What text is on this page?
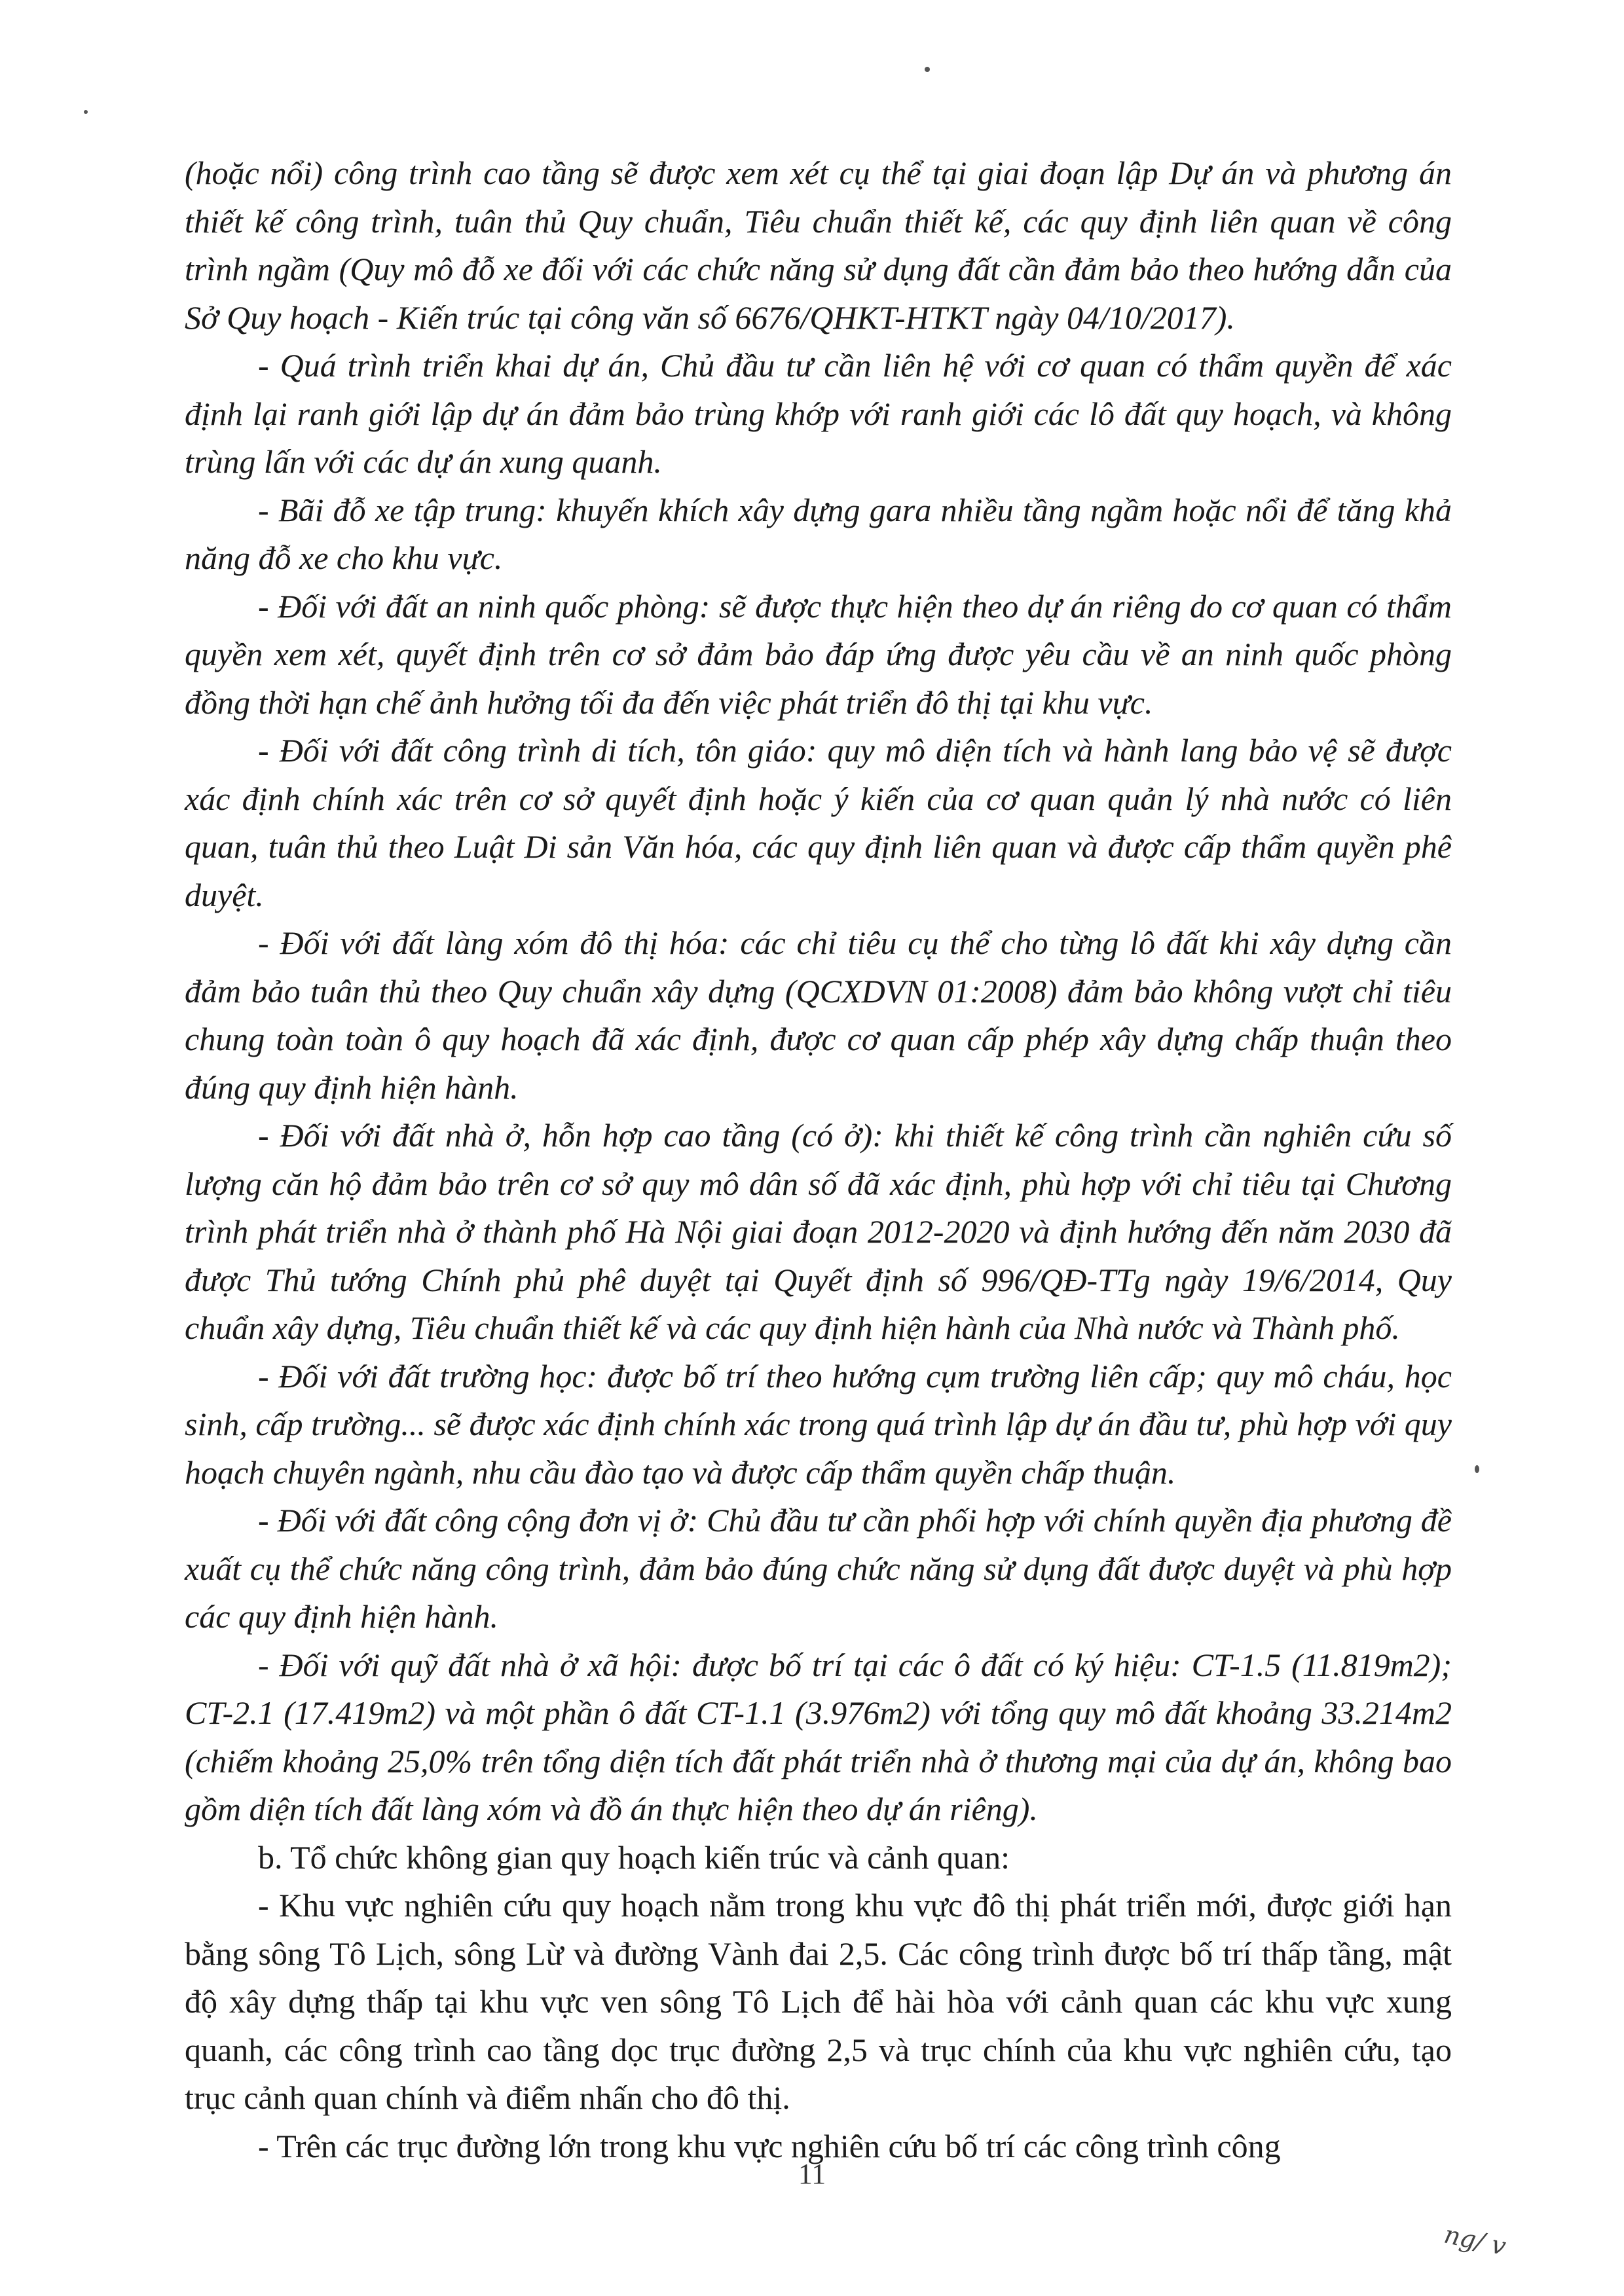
(hoặc nổi) công trình cao tầng sẽ được xem xét cụ thể tại giai đoạn lập Dự án và phương án thiết kế công trình, tuân thủ Quy chuẩn, Tiêu chuẩn thiết kế, các quy định liên quan về công trình ngầm (Quy mô đỗ xe đối với các chức năng sử dụng đất cần đảm bảo theo hướng dẫn của Sở Quy hoạch - Kiến trúc tại công văn số 6676/QHKT-HTKT ngày 04/10/2017).

- Quá trình triển khai dự án, Chủ đầu tư cần liên hệ với cơ quan có thẩm quyền để xác định lại ranh giới lập dự án đảm bảo trùng khớp với ranh giới các lô đất quy hoạch, và không trùng lấn với các dự án xung quanh.

- Bãi đỗ xe tập trung: khuyến khích xây dựng gara nhiều tầng ngầm hoặc nổi để tăng khả năng đỗ xe cho khu vực.

- Đối với đất an ninh quốc phòng: sẽ được thực hiện theo dự án riêng do cơ quan có thẩm quyền xem xét, quyết định trên cơ sở đảm bảo đáp ứng được yêu cầu về an ninh quốc phòng đồng thời hạn chế ảnh hưởng tối đa đến việc phát triển đô thị tại khu vực.

- Đối với đất công trình di tích, tôn giáo: quy mô diện tích và hành lang bảo vệ sẽ được xác định chính xác trên cơ sở quyết định hoặc ý kiến của cơ quan quản lý nhà nước có liên quan, tuân thủ theo Luật Di sản Văn hóa, các quy định liên quan và được cấp thẩm quyền phê duyệt.

- Đối với đất làng xóm đô thị hóa: các chỉ tiêu cụ thể cho từng lô đất khi xây dựng cần đảm bảo tuân thủ theo Quy chuẩn xây dựng (QCXDVN 01:2008) đảm bảo không vượt chỉ tiêu chung toàn toàn ô quy hoạch đã xác định, được cơ quan cấp phép xây dựng chấp thuận theo đúng quy định hiện hành.

- Đối với đất nhà ở, hỗn hợp cao tầng (có ở): khi thiết kế công trình cần nghiên cứu số lượng căn hộ đảm bảo trên cơ sở quy mô dân số đã xác định, phù hợp với chỉ tiêu tại Chương trình phát triển nhà ở thành phố Hà Nội giai đoạn 2012-2020 và định hướng đến năm 2030 đã được Thủ tướng Chính phủ phê duyệt tại Quyết định số 996/QĐ-TTg ngày 19/6/2014, Quy chuẩn xây dựng, Tiêu chuẩn thiết kế và các quy định hiện hành của Nhà nước và Thành phố.

- Đối với đất trường học: được bố trí theo hướng cụm trường liên cấp; quy mô cháu, học sinh, cấp trường... sẽ được xác định chính xác trong quá trình lập dự án đầu tư, phù hợp với quy hoạch chuyên ngành, nhu cầu đào tạo và được cấp thẩm quyền chấp thuận.

- Đối với đất công cộng đơn vị ở: Chủ đầu tư cần phối hợp với chính quyền địa phương đề xuất cụ thể chức năng công trình, đảm bảo đúng chức năng sử dụng đất được duyệt và phù hợp các quy định hiện hành.

- Đối với quỹ đất nhà ở xã hội: được bố trí tại các ô đất có ký hiệu: CT-1.5 (11.819m2); CT-2.1 (17.419m2) và một phần ô đất CT-1.1 (3.976m2) với tổng quy mô đất khoảng 33.214m2 (chiếm khoảng 25,0% trên tổng diện tích đất phát triển nhà ở thương mại của dự án, không bao gồm diện tích đất làng xóm và đồ án thực hiện theo dự án riêng).

b. Tổ chức không gian quy hoạch kiến trúc và cảnh quan:

- Khu vực nghiên cứu quy hoạch nằm trong khu vực đô thị phát triển mới, được giới hạn bằng sông Tô Lịch, sông Lừ và đường Vành đai 2,5. Các công trình được bố trí thấp tầng, mật độ xây dựng thấp tại khu vực ven sông Tô Lịch để hài hòa với cảnh quan các khu vực xung quanh, các công trình cao tầng dọc trục đường 2,5 và trục chính của khu vực nghiên cứu, tạo trục cảnh quan chính và điểm nhấn cho đô thị.

- Trên các trục đường lớn trong khu vực nghiên cứu bố trí các công trình công

11
ng/ v
